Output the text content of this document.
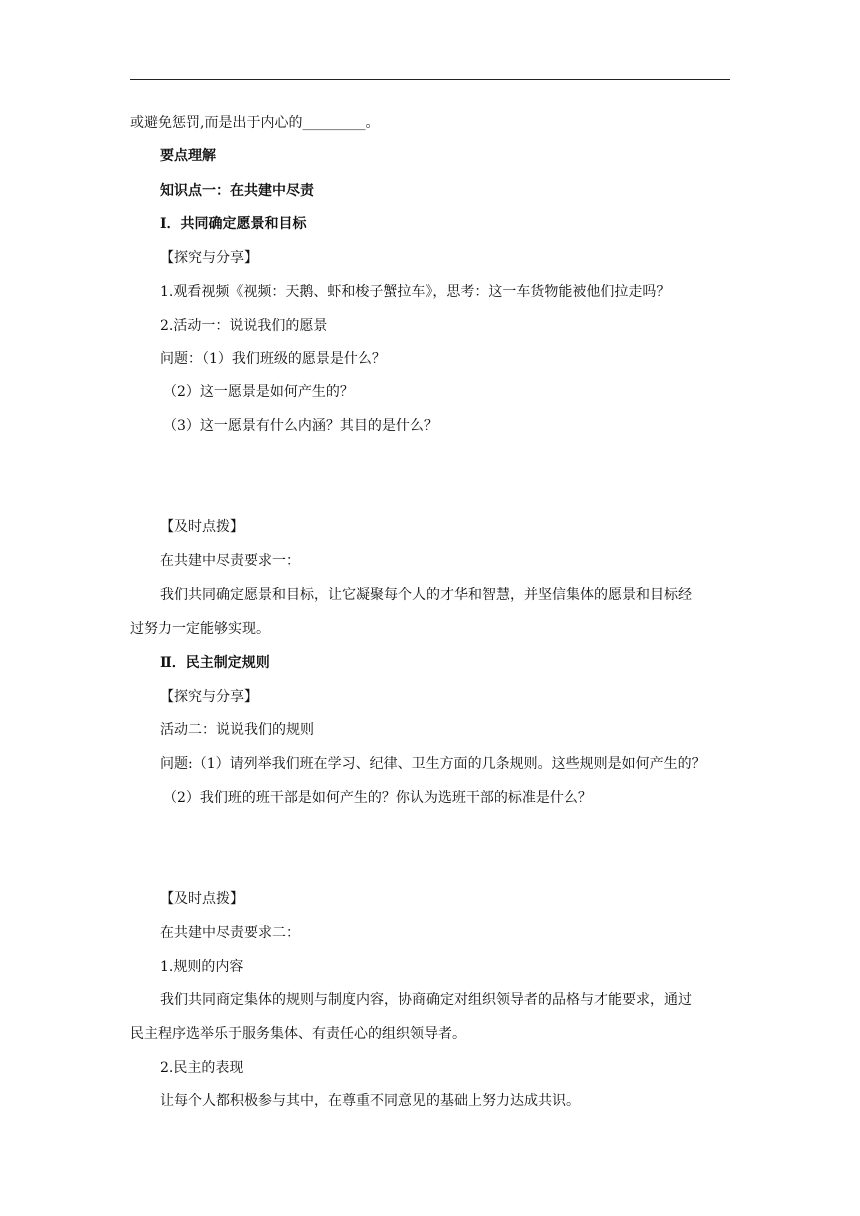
或避免惩罚,而是出于内心的_________。
要点理解
知识点一：在共建中尽责
Ⅰ．共同确定愿景和目标
【探究与分享】
1.观看视频《视频：天鹅、虾和梭子蟹拉车》，思考：这一车货物能被他们拉走吗？
2.活动一：说说我们的愿景
问题：（1）我们班级的愿景是什么？
（2）这一愿景是如何产生的？
（3）这一愿景有什么内涵？其目的是什么？
【及时点拨】
在共建中尽责要求一：
我们共同确定愿景和目标，让它凝聚每个人的才华和智慧，并坚信集体的愿景和目标经
过努力一定能够实现。
Ⅱ．民主制定规则
【探究与分享】
活动二：说说我们的规则
问题:（1）请列举我们班在学习、纪律、卫生方面的几条规则。这些规则是如何产生的？
（2）我们班的班干部是如何产生的？你认为选班干部的标准是什么？
【及时点拨】
在共建中尽责要求二：
1.规则的内容
我们共同商定集体的规则与制度内容，协商确定对组织领导者的品格与才能要求，通过
民主程序选举乐于服务集体、有责任心的组织领导者。
2.民主的表现
让每个人都积极参与其中，在尊重不同意见的基础上努力达成共识。
